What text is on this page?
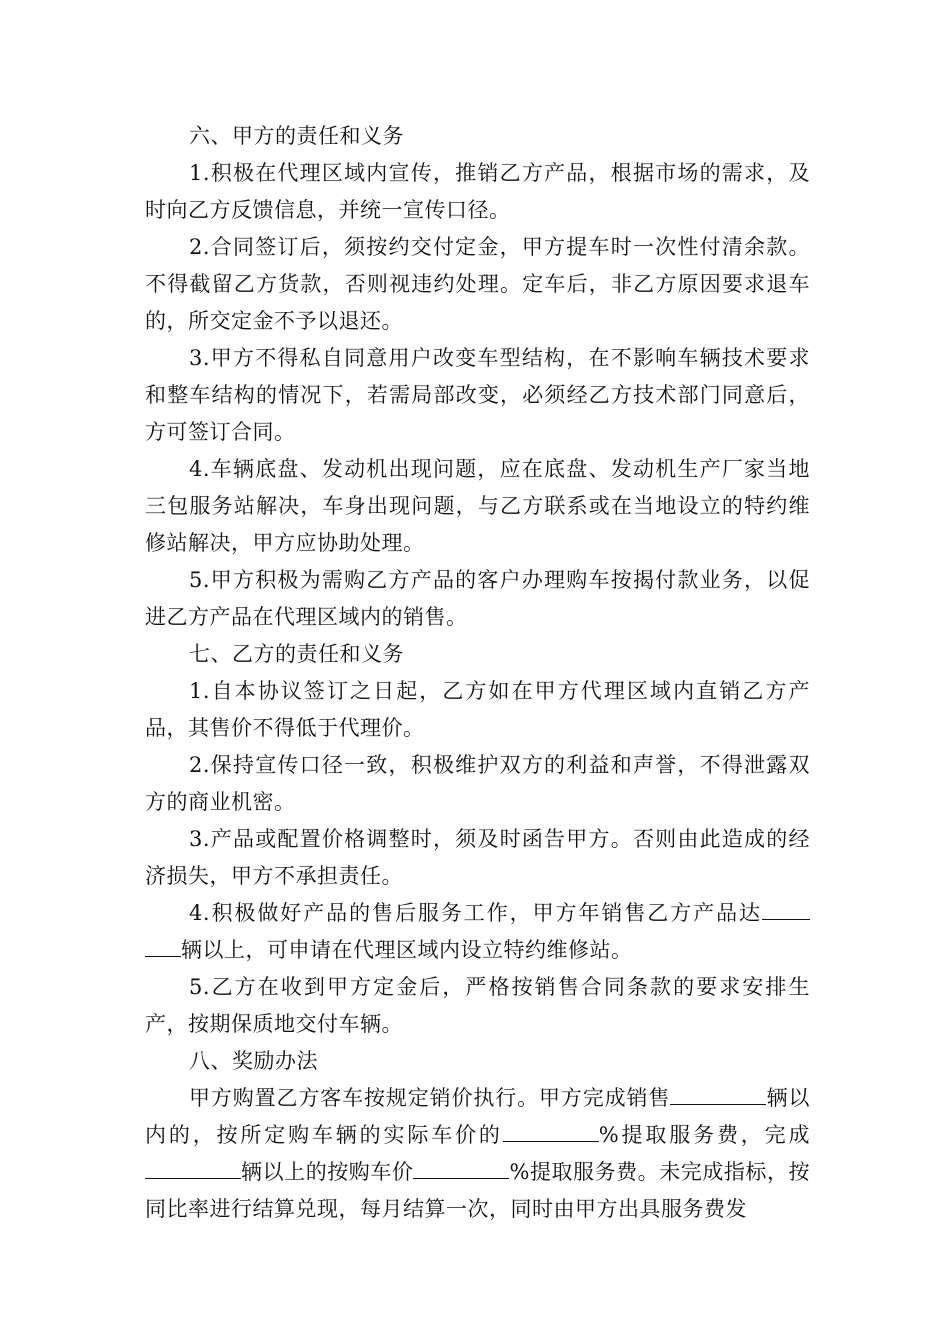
六、甲方的责任和义务

1.积极在代理区域内宣传，推销乙方产品，根据市场的需求，及时向乙方反馈信息，并统一宣传口径。

2.合同签订后，须按约交付定金，甲方提车时一次性付清余款。不得截留乙方货款，否则视违约处理。定车后，非乙方原因要求退车的，所交定金不予以退还。

3.甲方不得私自同意用户改变车型结构，在不影响车辆技术要求和整车结构的情况下，若需局部改变，必须经乙方技术部门同意后，方可签订合同。

4.车辆底盘、发动机出现问题，应在底盘、发动机生产厂家当地三包服务站解决，车身出现问题，与乙方联系或在当地设立的特约维修站解决，甲方应协助处理。

5.甲方积极为需购乙方产品的客户办理购车按揭付款业务，以促进乙方产品在代理区域内的销售。

七、乙方的责任和义务

1.自本协议签订之日起，乙方如在甲方代理区域内直销乙方产品，其售价不得低于代理价。

2.保持宣传口径一致，积极维护双方的利益和声誉，不得泄露双方的商业机密。

3.产品或配置价格调整时，须及时函告甲方。否则由此造成的经济损失，甲方不承担责任。

4.积极做好产品的售后服务工作，甲方年销售乙方产品达辆以上，可申请在代理区域内设立特约维修站。

5.乙方在收到甲方定金后，严格按销售合同条款的要求安排生产，按期保质地交付车辆。

八、奖励办法

甲方购置乙方客车按规定销价执行。甲方完成销售	辆以内的，按所定购车辆的实际车价的	%提取服务费，完成辆以上的按购车价	%提取服务费。未完成指标，按同比率进行结算兑现，每月结算一次，同时由甲方出具服务费发
